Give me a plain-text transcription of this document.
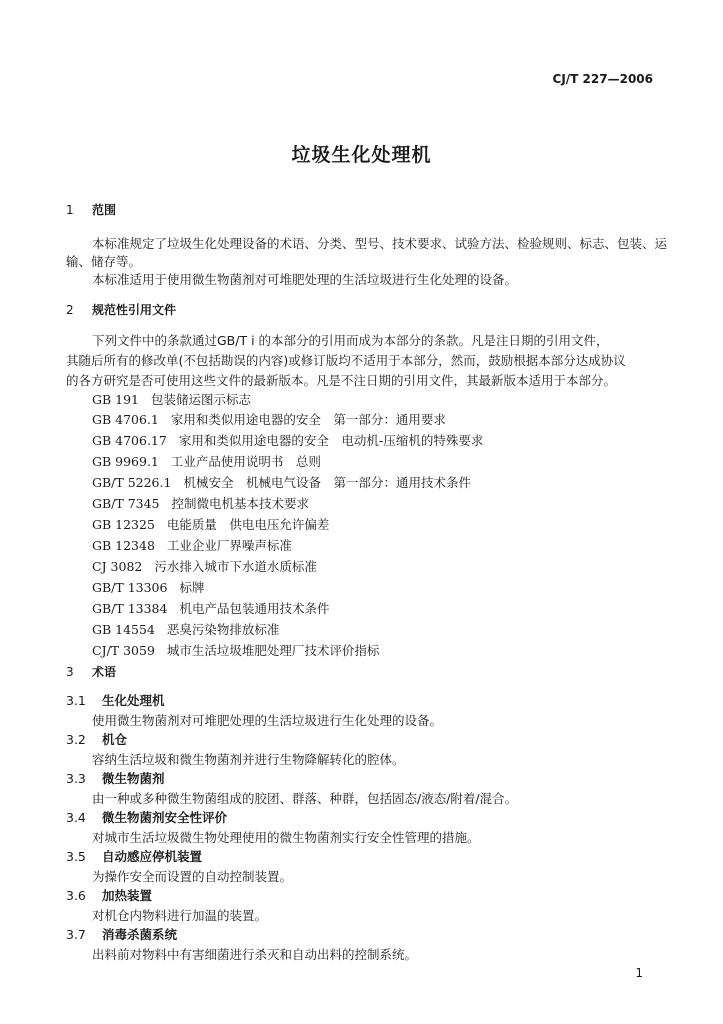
CJ/T 227—2006
垃圾生化处理机
1 范围
本标准规定了垃圾生化处理设备的术语、分类、型号、技术要求、试验方法、检验规则、标志、包装、运
输、储存等。
本标准适用于使用微生物菌剂对可堆肥处理的生活垃圾进行生化处理的设备。
2 规范性引用文件
下列文件中的条款通过GB/T i 的本部分的引用而成为本部分的条款。凡是注日期的引用文件，
其随后所有的修改单(不包括勘误的内容)或修订版均不适用于本部分，然而，鼓励根据本部分达成协议
的各方研究是否可使用这些文件的最新版本。凡是不注日期的引用文件，其最新版本适用于本部分。
GB 191 包装储运图示标志
GB 4706.1 家用和类似用途电器的安全　第一部分：通用要求
GB 4706.17 家用和类似用途电器的安全　电动机-压缩机的特殊要求
GB 9969.1 工业产品使用说明书　总则
GB/T 5226.1 机械安全　机械电气设备　第一部分：通用技术条件
GB/T 7345 控制微电机基本技术要求
GB 12325 电能质量　供电电压允许偏差
GB 12348 工业企业厂界噪声标准
CJ 3082 污水排入城市下水道水质标准
GB/T 13306 标牌
GB/T 13384 机电产品包装通用技术条件
GB 14554 恶臭污染物排放标准
CJ/T 3059 城市生活垃圾堆肥处理厂技术评价指标
3 术语
3.1 生化处理机
使用微生物菌剂对可堆肥处理的生活垃圾进行生化处理的设备。
3.2 机仓
容纳生活垃圾和微生物菌剂并进行生物降解转化的腔体。
3.3 微生物菌剂
由一种或多种微生物菌组成的胶团、群落、种群，包括固态/液态/附着/混合。
3.4 微生物菌剂安全性评价
对城市生活垃圾微生物处理使用的微生物菌剂实行安全性管理的措施。
3.5 自动感应停机装置
为操作安全而设置的自动控制装置。
3.6 加热装置
对机仓内物料进行加温的装置。
3.7 消毒杀菌系统
出料前对物料中有害细菌进行杀灭和自动出料的控制系统。
1
